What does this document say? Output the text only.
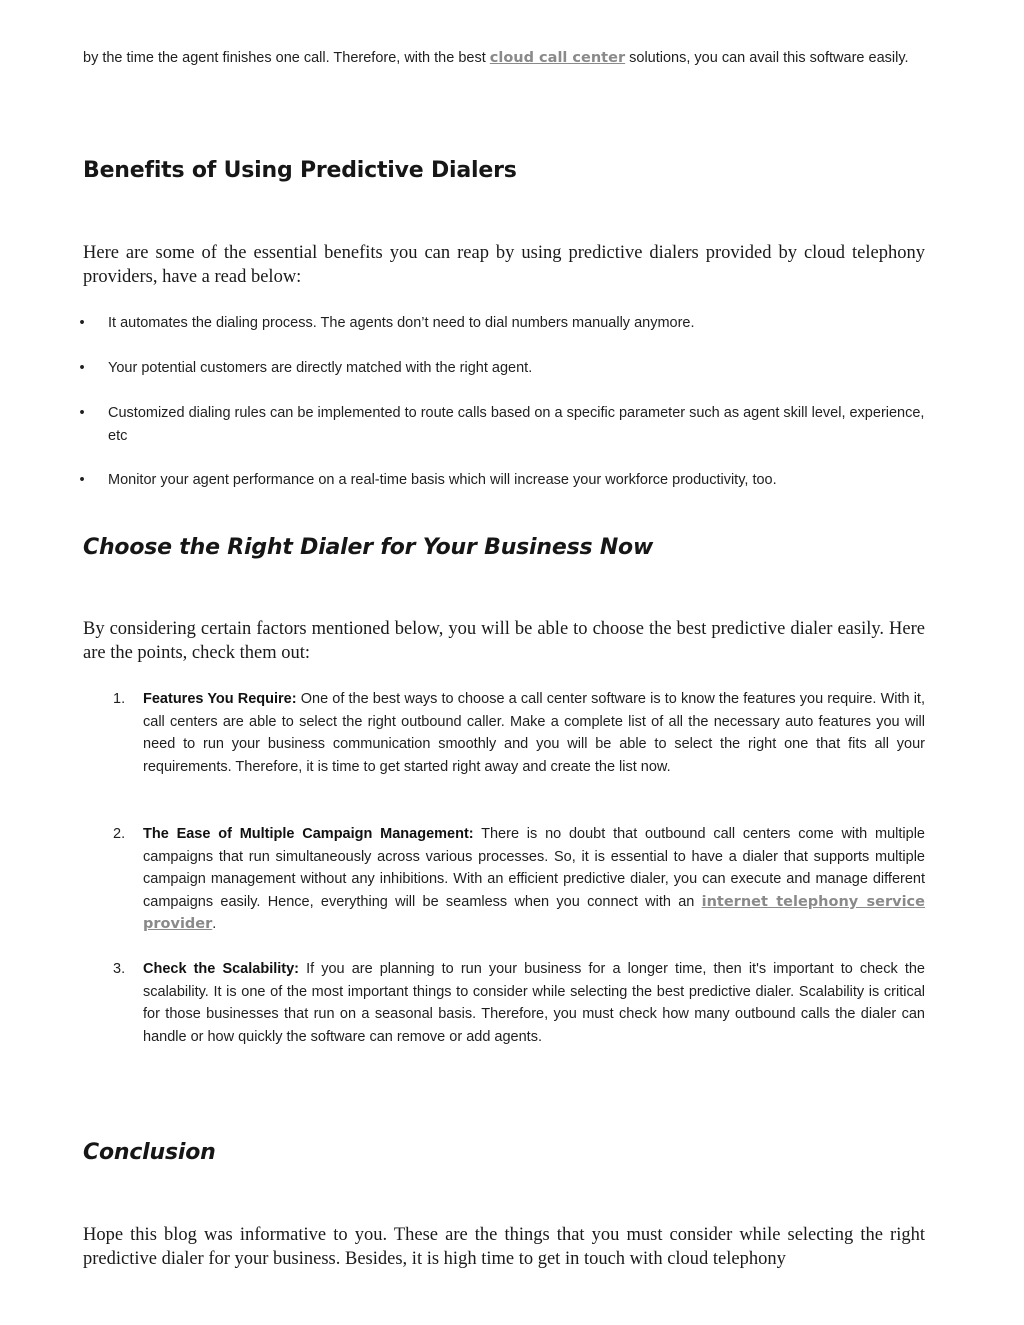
by the time the agent finishes one call. Therefore, with the best cloud call center solutions, you can avail this software easily.

Benefits of Using Predictive Dialers

Here are some of the essential benefits you can reap by using predictive dialers provided by cloud telephony providers, have a read below:

• It automates the dialing process. The agents don’t need to dial numbers manually anymore.
• Your potential customers are directly matched with the right agent.
• Customized dialing rules can be implemented to route calls based on a specific parameter such as agent skill level, experience, etc
• Monitor your agent performance on a real-time basis which will increase your workforce productivity, too.
Choose the Right Dialer for Your Business Now

By considering certain factors mentioned below, you will be able to choose the best predictive dialer easily. Here are the points, check them out:

1. Features You Require: One of the best ways to choose a call center software is to know the features you require. With it, call centers are able to select the right outbound caller. Make a complete list of all the necessary auto features you will need to run your business communication smoothly and you will be able to select the right one that fits all your requirements. Therefore, it is time to get started right away and create the list now.
2. The Ease of Multiple Campaign Management: There is no doubt that outbound call centers come with multiple campaigns that run simultaneously across various processes. So, it is essential to have a dialer that supports multiple campaign management without any inhibitions. With an efficient predictive dialer, you can execute and manage different campaigns easily. Hence, everything will be seamless when you connect with an internet telephony service provider.
3. Check the Scalability: If you are planning to run your business for a longer time, then it's important to check the scalability. It is one of the most important things to consider while selecting the best predictive dialer. Scalability is critical for those businesses that run on a seasonal basis. Therefore, you must check how many outbound calls the dialer can handle or how quickly the software can remove or add agents.
Conclusion

Hope this blog was informative to you. These are the things that you must consider while selecting the right predictive dialer for your business. Besides, it is high time to get in touch with cloud telephony
